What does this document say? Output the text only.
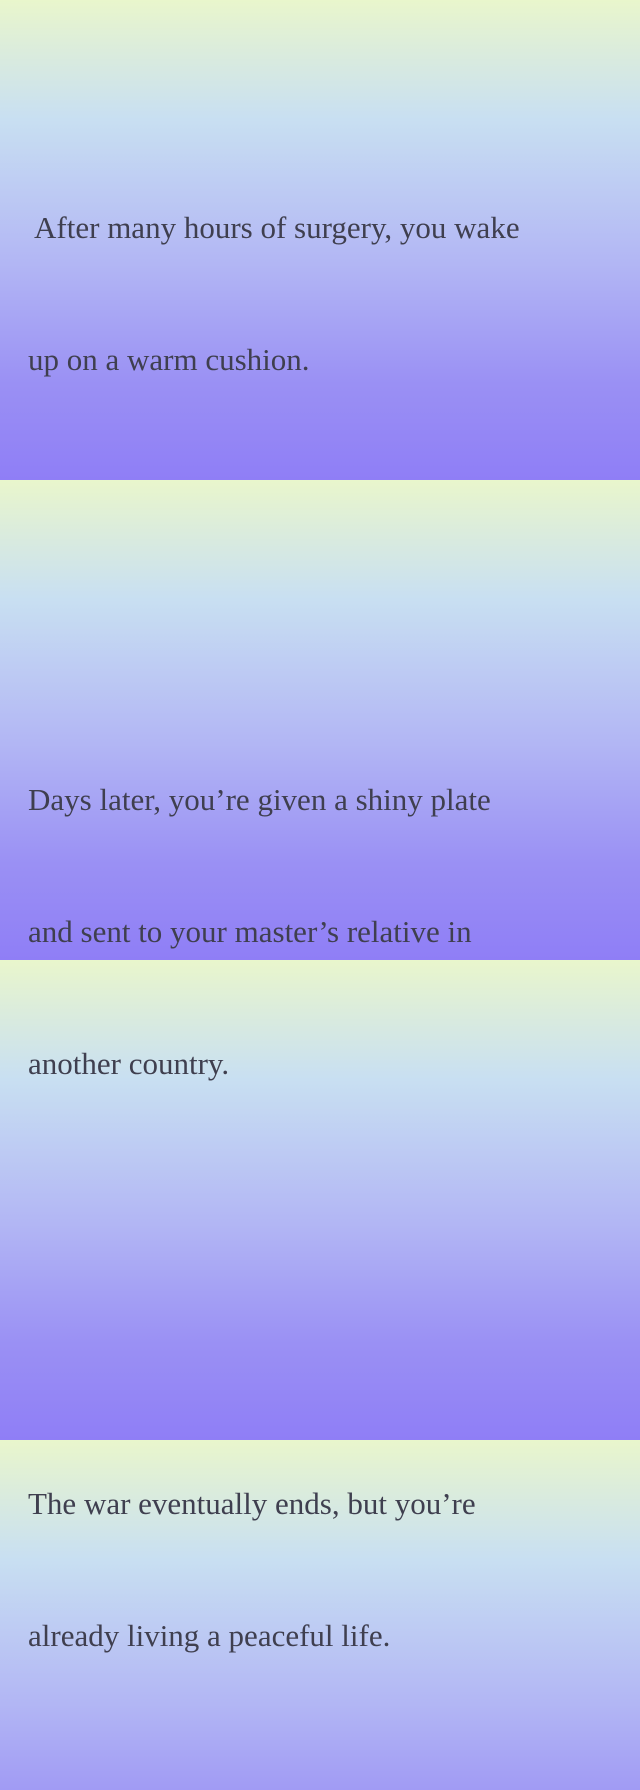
After many hours of surgery, you wake

up on a warm cushion.

Days later, you’re given a shiny plate

and sent to your master’s relative in

another country.

The war eventually ends, but you’re

already living a peaceful life.
